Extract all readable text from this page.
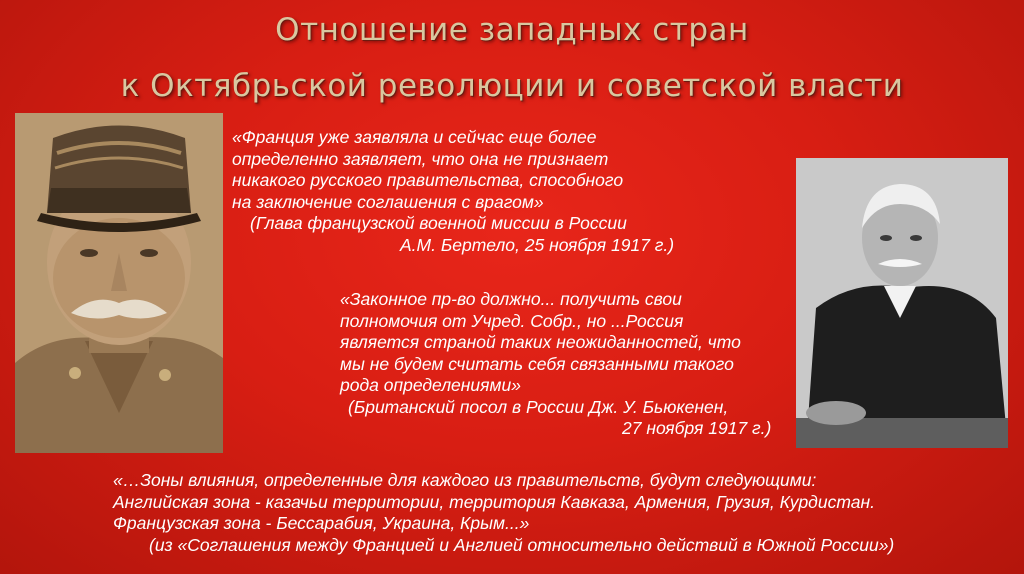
Отношение западных стран
к Октябрьской революции и советской власти
«Франция уже заявляла и сейчас еще более
определенно заявляет, что она не признает
никакого русского правительства, способного
на заключение соглашения с врагом»
(Глава французской военной миссии в России
А.М. Бертело, 25 ноября 1917 г.)
«Законное пр-во должно... получить свои
полномочия от Учред. Собр., но ...Россия
является страной таких неожиданностей, что
мы не будем считать себя связанными такого
рода определениями»
(Британский посол в России Дж. У. Бьюкенен,
27 ноября 1917 г.)
«…Зоны влияния, определенные для каждого из правительств, будут следующими:
Английская зона - казачьи территории, территория Кавказа, Армения, Грузия, Курдистан.
Французская зона - Бессарабия, Украина, Крым...»
(из «Соглашения между Францией и Англией относительно действий в Южной России»)
